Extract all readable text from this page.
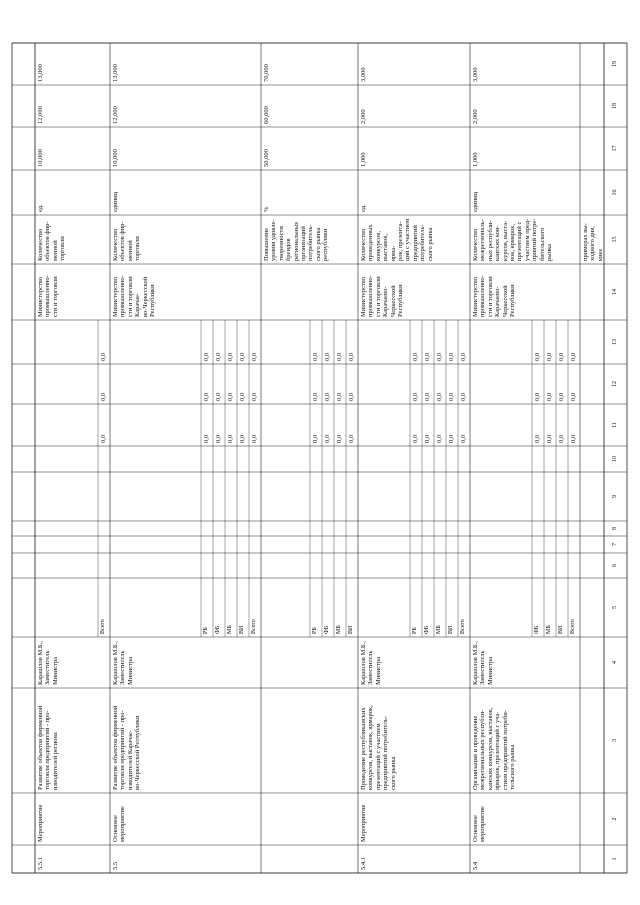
1
2
3
4
5
6
7
8
9
10
11
12
13
14
15
16
17
18
19
примерах вы-
ходного дня,
кнее

5.4
Основное
мероприятие
Организация и проведение
межрегиональных республи-
канских конкурсов, выставок,
ярмарок, презентаций с уча-
стием предприятий потреби-
тельского рынка
Карашлов М.Б.,
Заместитель
Министра
Министерство
промышленно-
сти и торговли
Карачаево-
Черкесской
Республики
Количество
межрегиональ-
ных республи-
канских кон-
курсов, выста-
вок, ярмарок,
презентаций с
участием пред-
приятий потре-
бительского
рынка
единиц
1,000
2,000
3,000
Всего
0,0
0,0
0,0
ВИ
0,0
0,0
0,0
МБ
0,0
0,0
0,0
ФБ
0,0
0,0
0,0
5.4.1
Мероприятие
Проведение республиканских
конкурсов, выставок, ярмарок,
презентаций с участием
предприятий потребитель-
ского рынка
Карашлов М.Б.,
Заместитель
Министра
Министерство
промышленно-
сти и торговли
Карачаево-
Черкесской
Республики
Количество
проведенных
конкурсов,
выставок, ярма-
рок, презента-
ций с участием
предприятий
потребитель-
ского рынка
ед.
1,000
2,000
3,000
Всего
0,0
0,0
0,0
ВИ
0,0
0,0
0,0
МБ
0,0
0,0
0,0
ФБ
0,0
0,0
0,0
РБ
0,0
0,0
0,0
Повышение
уровня удовле-
творенности брендов
региональных
организаций
потребитель-
ского рынка
республики
%
50,000
60,000
70,000
ВИ
0,0
0,0
0,0
МБ
0,0
0,0
0,0
ФБ
0,0
0,0
0,0
РБ
0,0
0,0
0,0
5.5
Основное
мероприятие
Развитие объектов фирменной
торговли предприятий - про-
изводителей Карачае-
во-Черкесской Республики
Карашлов М.Б.,
Заместитель
Министра
Министерство
промышленно-
сти и торговли
Карачае-
во-Черкесской
Республики
Количество
объектов фир-
менной торговли
единиц
10,000
12,000
13,000
Всего
0,0
0,0
0,0
ВИ
0,0
0,0
0,0
МБ
0,0
0,0
0,0
ФБ
0,0
0,0
0,0
РБ
0,0
0,0
0,0
5.5.1
Мероприятие
Развитие объектов фирменной
торговли предприятий - про-
изводителей региона
Карашлов М.Б.,
Заместитель
Министра
Министерство
промышленно-
сти и торговли
Количество
объектов фир-
менной торговли
ед.
10,000
12,000
13,000
Всего
0,0
0,0
0,0
